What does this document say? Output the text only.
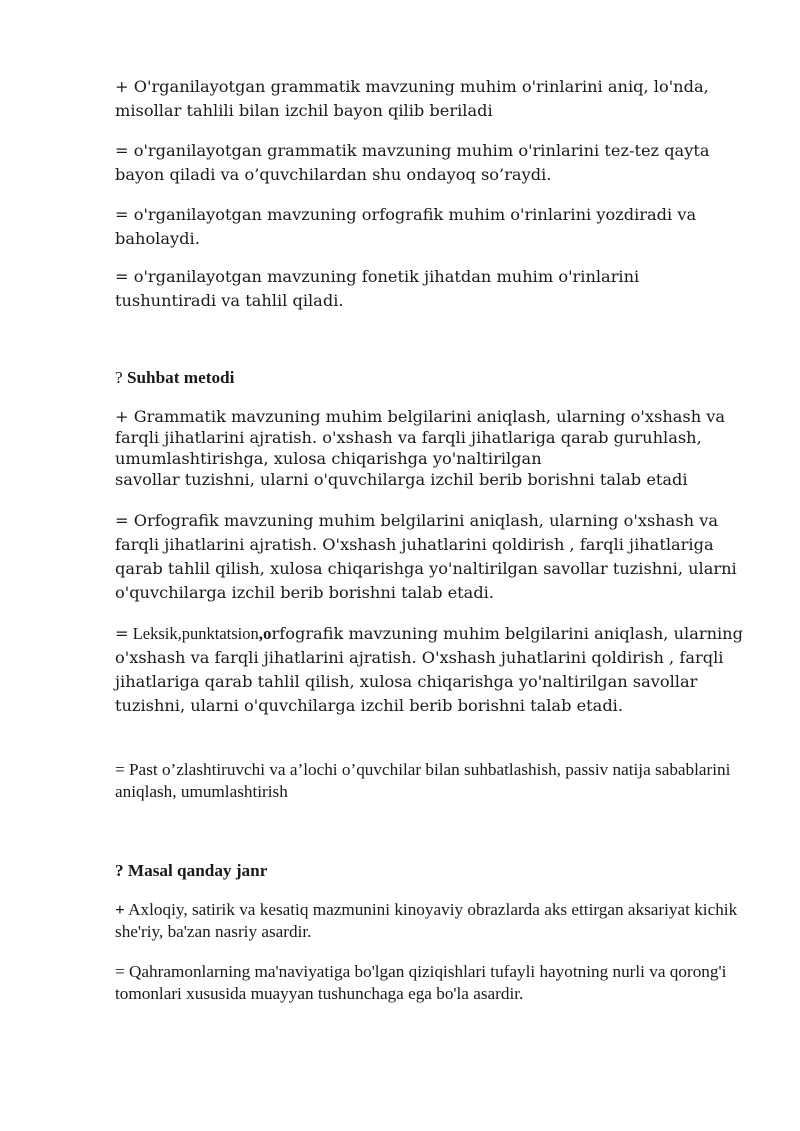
+ O'rganilayotgan grammatik mavzuning muhim o'rinlarini aniq, lo'nda, misollar tahlili bilan izchil bayon qilib beriladi

= o'rganilayotgan grammatik mavzuning muhim o'rinlarini tez-tez qayta bayon qiladi va o’quvchilardan shu ondayoq so’raydi.

= o'rganilayotgan mavzuning orfografik muhim o'rinlarini yozdiradi va baholaydi.

= o'rganilayotgan mavzuning fonetik jihatdan muhim o'rinlarini tushuntiradi va tahlil qiladi.

? Suhbat metodi

+ Grammatik mavzuning muhim belgilarini aniqlash, ularning o'xshash va farqli jihatlarini ajratish. o'xshash va farqli jihatlariga qarab guruhlash, umumlashtirishga, xulosa chiqarishga yo'naltirilgan
savollar tuzishni, ularni o'quvchilarga izchil berib borishni talab etadi

= Orfografik mavzuning muhim belgilarini aniqlash, ularning o'xshash va farqli jihatlarini ajratish. O'xshash juhatlarini qoldirish , farqli jihatlariga qarab tahlil qilish, xulosa chiqarishga yo'naltirilgan savollar tuzishni, ularni o'quvchilarga izchil berib borishni talab etadi.

= Leksik,punktatsion,orfografik mavzuning muhim belgilarini aniqlash, ularning o'xshash va farqli jihatlarini ajratish. O'xshash juhatlarini qoldirish , farqli jihatlariga qarab tahlil qilish, xulosa chiqarishga yo'naltirilgan savollar tuzishni, ularni o'quvchilarga izchil berib borishni talab etadi.

= Past o’zlashtiruvchi va a’lochi o’quvchilar bilan suhbatlashish, passiv natija sabablarini aniqlash, umumlashtirish

? Masal qanday janr

+ Axloqiy, satirik va kesatiq mazmunini kinoyaviy obrazlarda aks ettirgan aksariyat kichik she'riy, ba'zan nasriy asardir.

= Qahramonlarning ma'naviyatiga bo'lgan qiziqishlari tufayli hayotning nurli va qorong'i tomonlari xususida muayyan tushunchaga ega bo'la asardir.
